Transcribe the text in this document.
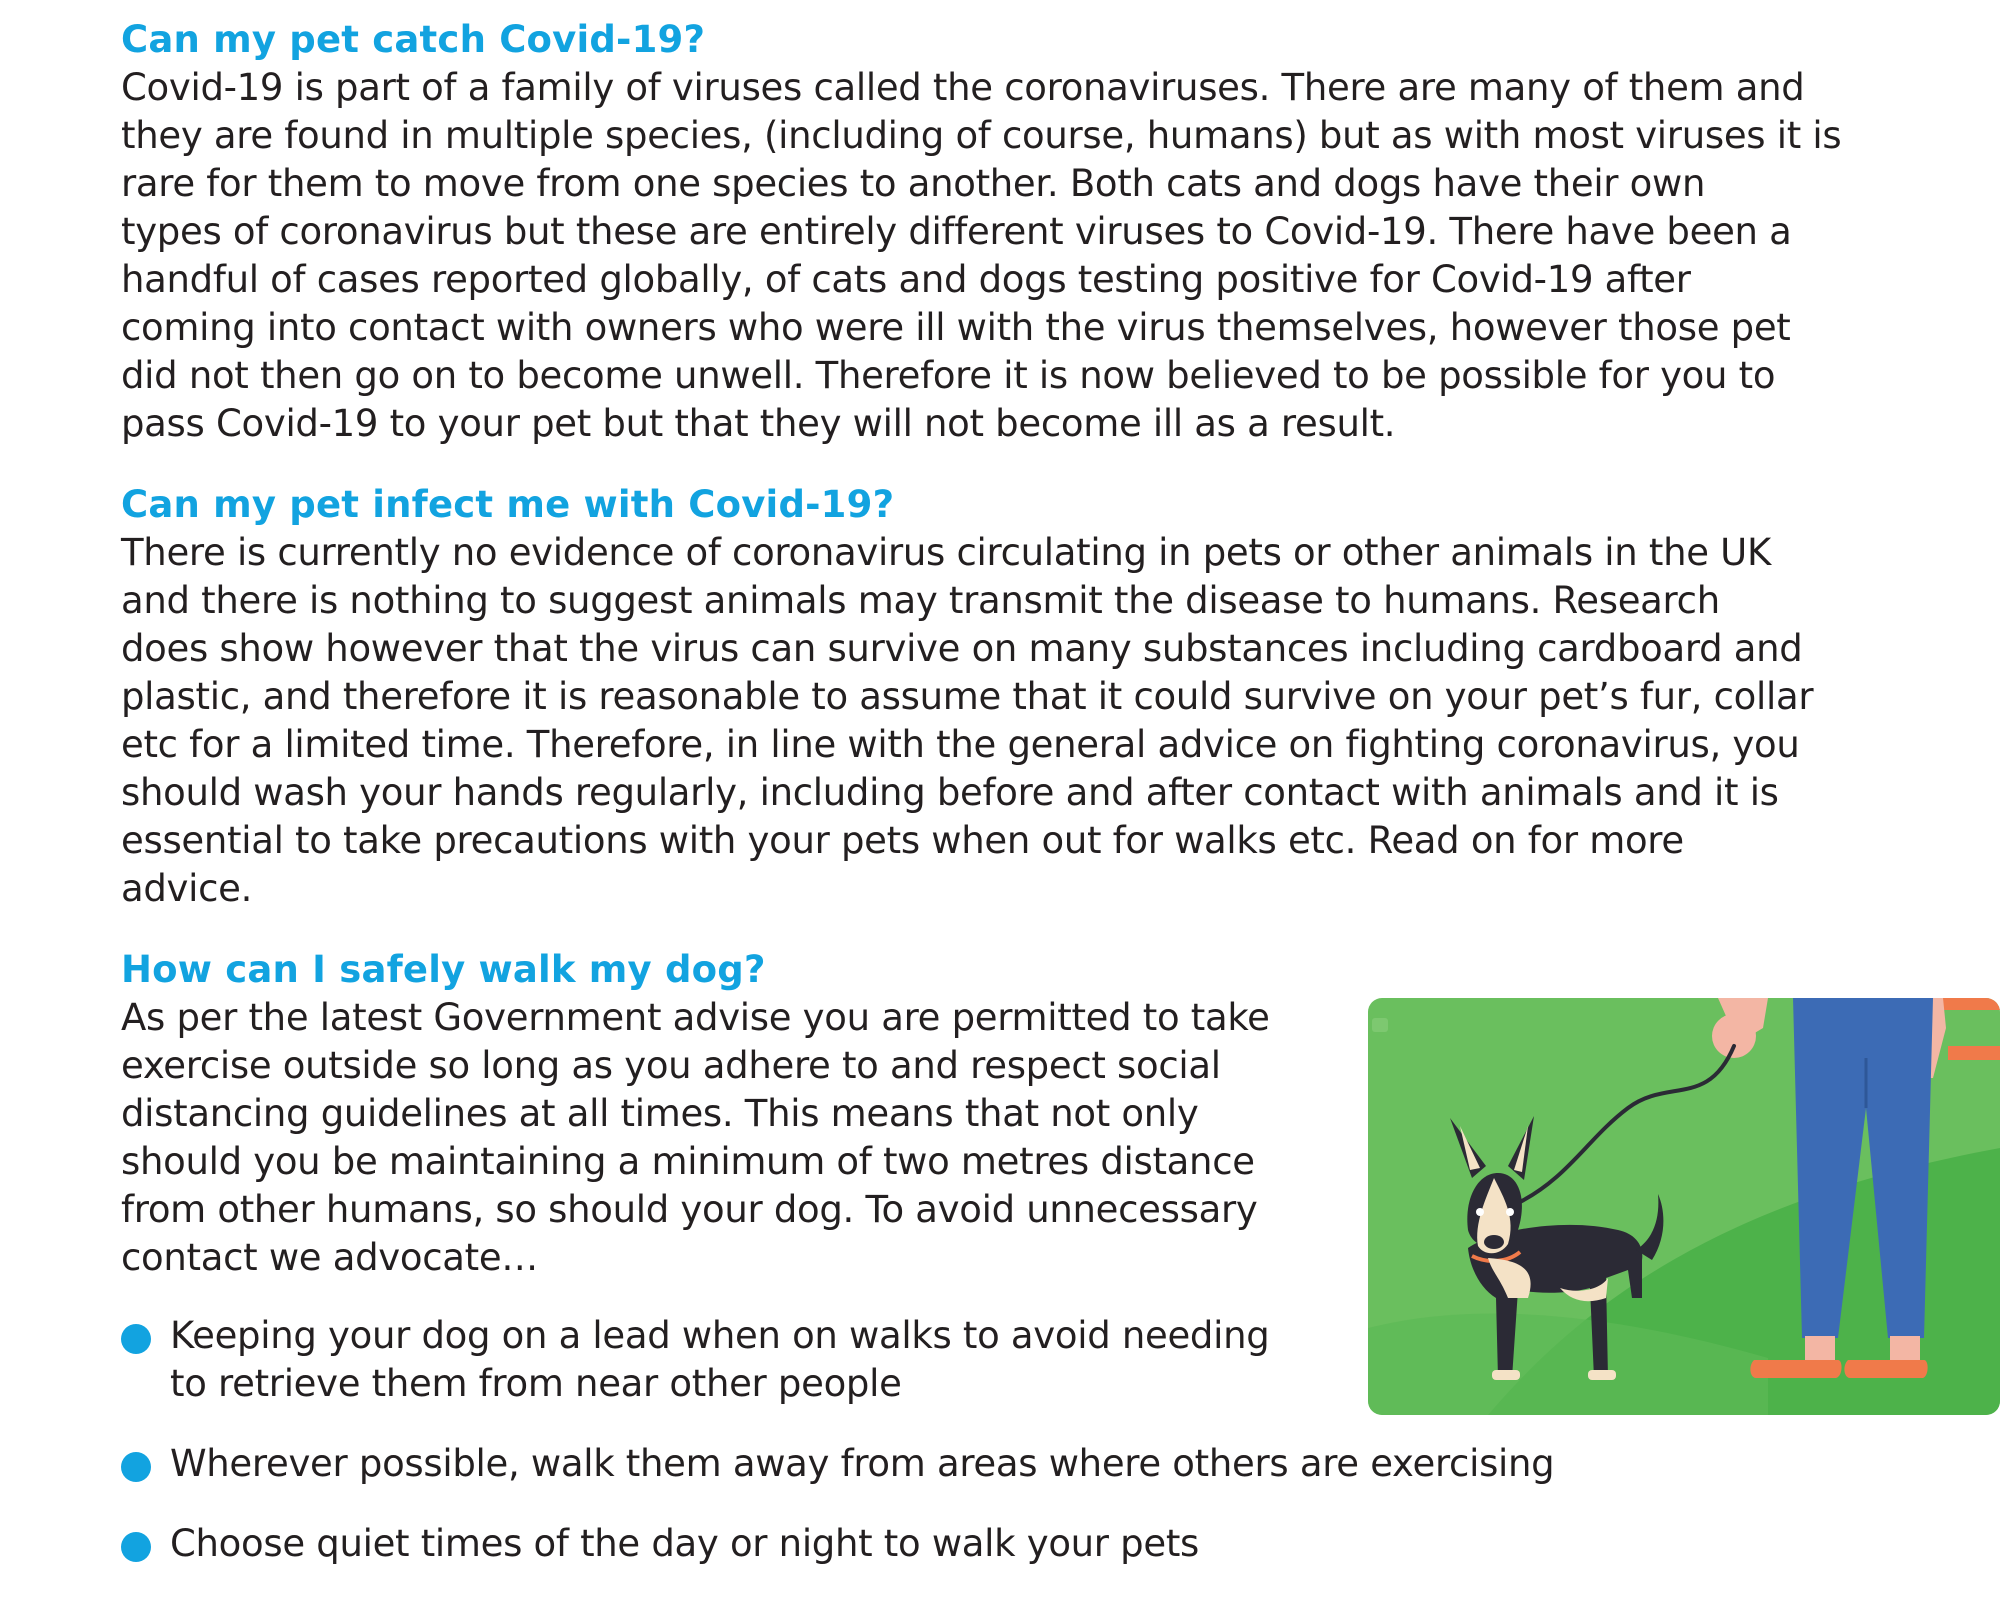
Can my pet catch Covid-19?
Covid-19 is part of a family of viruses called the coronaviruses. There are many of them and
they are found in multiple species, (including of course, humans) but as with most viruses it is
rare for them to move from one species to another. Both cats and dogs have their own
types of coronavirus but these are entirely different viruses to Covid-19. There have been a
handful of cases reported globally, of cats and dogs testing positive for Covid-19 after
coming into contact with owners who were ill with the virus themselves, however those pet
did not then go on to become unwell. Therefore it is now believed to be possible for you to
pass Covid-19 to your pet but that they will not become ill as a result.
Can my pet infect me with Covid-19?
There is currently no evidence of coronavirus circulating in pets or other animals in the UK
and there is nothing to suggest animals may transmit the disease to humans. Research
does show however that the virus can survive on many substances including cardboard and
plastic, and therefore it is reasonable to assume that it could survive on your pet’s fur, collar
etc for a limited time. Therefore, in line with the general advice on fighting coronavirus, you
should wash your hands regularly, including before and after contact with animals and it is
essential to take precautions with your pets when out for walks etc. Read on for more
advice.
How can I safely walk my dog?
As per the latest Government advise you are permitted to take
exercise outside so long as you adhere to and respect social
distancing guidelines at all times. This means that not only
should you be maintaining a minimum of two metres distance
from other humans, so should your dog. To avoid unnecessary
contact we advocate…
Keeping your dog on a lead when on walks to avoid needing
to retrieve them from near other people
Wherever possible, walk them away from areas where others are exercising
Choose quiet times of the day or night to walk your pets
